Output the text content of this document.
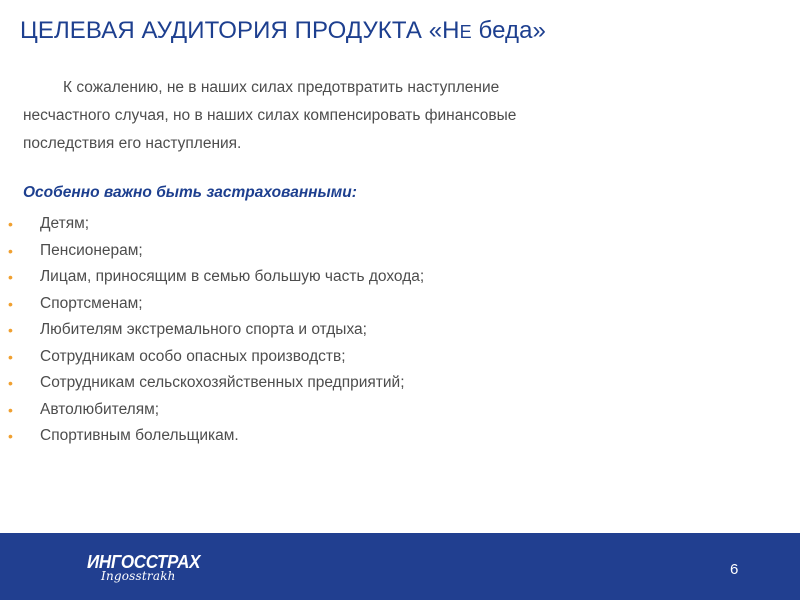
ЦЕЛЕВАЯ АУДИТОРИЯ ПРОДУКТА «НЕ беда»

К сожалению, не в наших силах предотвратить наступление
несчастного случая, но в наших силах компенсировать финансовые
последствия его наступления.

Особенно важно быть застрахованными:

•	Детям;
•	Пенсионерам;
•	Лицам, приносящим в семью большую часть дохода;
•	Спортсменам;
•	Любителям экстремального спорта и отдыха;
•	Сотрудникам особо опасных производств;
•	Сотрудникам сельскохозяйственных предприятий;
•	Автолюбителям;
•	Спортивным болельщикам.
ИНГОССТРАХ
Ingosstrakh	6
